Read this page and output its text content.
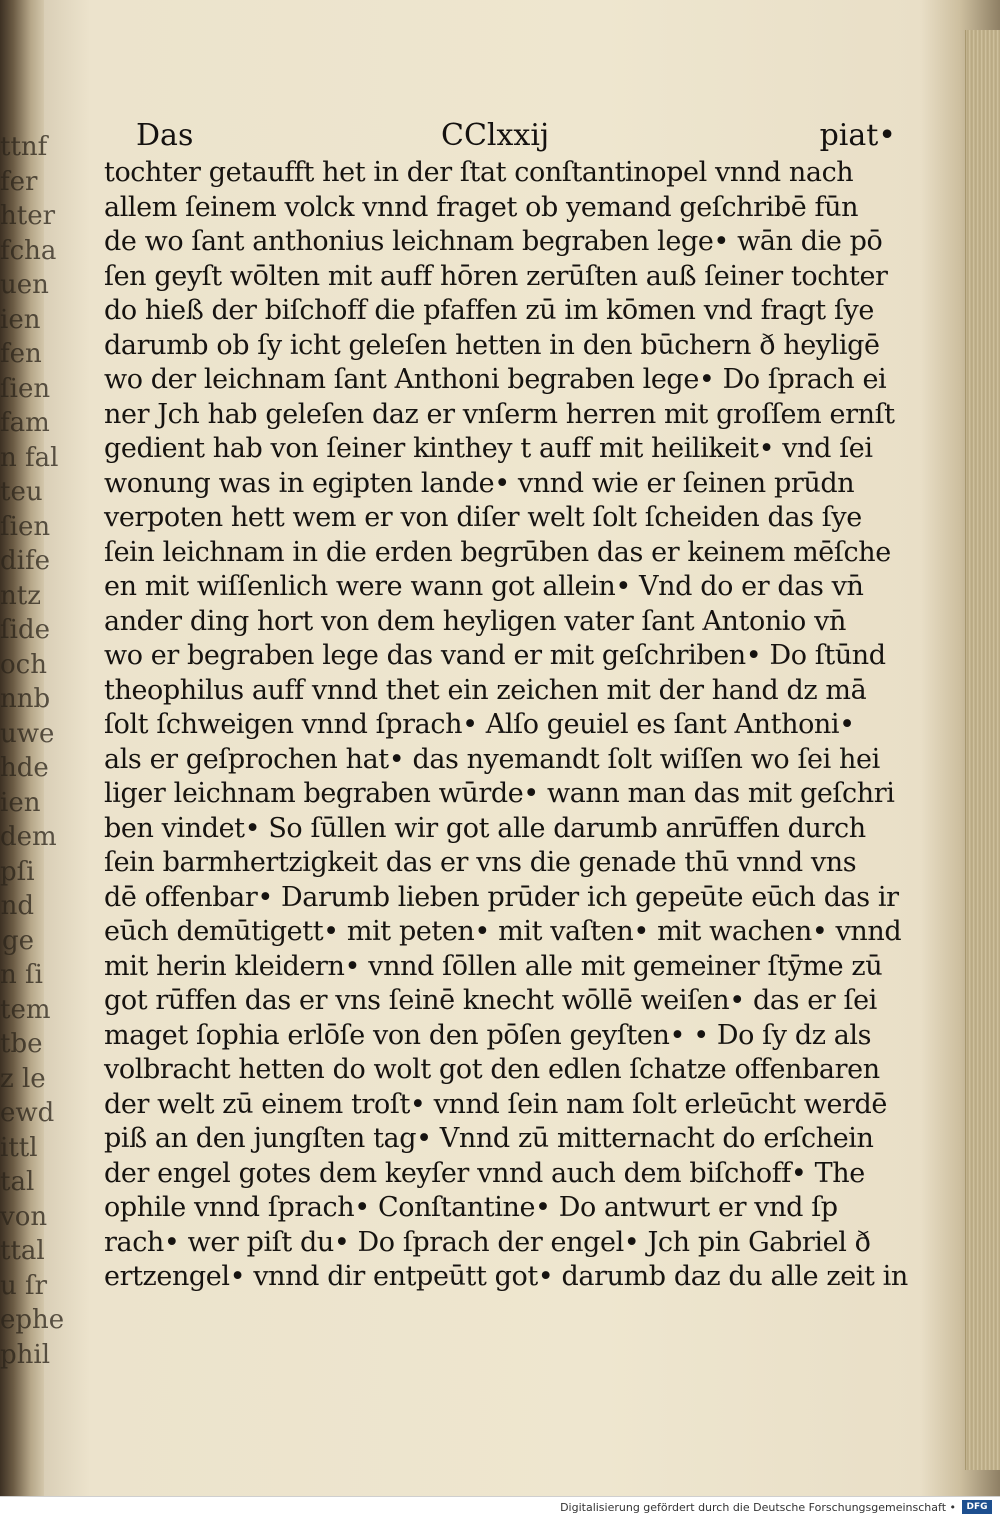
ttnf
fer
hter
fcha
uen
ien
fen
ſien
fam
n fal
teu
ſien
dife
ntz
ſide
och
nnb
uwe
hde
ien
dem
pſi
nd
ge
n ſi
tem
tbe
z le
ewd
ittl
tal
von
ttal
u ſr
ephe
phil
Das	CClxxij	piat•
tochter getaufft het in der ſtat conſtantinopel vnnd nach
allem ſeinem volck vnnd fraget ob yemand geſchribē fūn
de wo ſant anthonius leichnam begraben lege• wān die pō
ſen geyſt wōlten mit auff hōren zerūſten auß ſeiner tochter
do hieß der biſchoff die pfaffen zū im kōmen vnd fragt ſye
darumb ob ſy icht geleſen hetten in den būchern ð heyligē
wo der leichnam ſant Anthoni begraben lege• Do ſprach ei
ner Jch hab geleſen daz er vnſerm herren mit groſſem ernſt
gedient hab von ſeiner kinthey t auff mit heilikeit• vnd ſei
wonung was in egipten lande• vnnd wie er ſeinen prūdn
verpoten hett wem er von diſer welt ſolt ſcheiden das ſye
ſein leichnam in die erden begrūben das er keinem mēſche
en mit wiſſenlich were wann got allein• Vnd do er das vn̄
ander ding hort von dem heyligen vater ſant Antonio vn̄
wo er begraben lege das vand er mit geſchriben• Do ſtūnd
theophilus auff vnnd thet ein zeichen mit der hand dz mā
ſolt ſchweigen vnnd ſprach• Alſo geuiel es ſant Anthoni•
als er geſprochen hat• das nyemandt ſolt wiſſen wo ſei hei
liger leichnam begraben wūrde• wann man das mit geſchri
ben vindet• So ſūllen wir got alle darumb anrūffen durch
ſein barmhertzigkeit das er vns die genade thū vnnd vns
dē offenbar• Darumb lieben prūder ich gepeūte eūch das ir
eūch demūtigett• mit peten• mit vaſten• mit wachen• vnnd
mit herin kleidern• vnnd ſōllen alle mit gemeiner ſtȳme zū
got rūffen das er vns ſeinē knecht wōllē weiſen• das er ſei
maget ſophia erlōſe von den pōſen geyſten• • Do ſy dz als
volbracht hetten do wolt got den edlen ſchatze offenbaren
der welt zū einem troſt• vnnd ſein nam ſolt erleūcht werdē
piß an den jungſten tag• Vnnd zū mitternacht do erſchein
der engel gotes dem keyſer vnnd auch dem biſchoff• The
ophile vnnd ſprach• Conſtantine• Do antwurt er vnd ſp
rach• wer piſt du• Do ſprach der engel• Jch pin Gabriel ð
ertzengel• vnnd dir entpeūtt got• darumb daz du alle zeit in
Digitalisierung gefördert durch die Deutsche Forschungsgemeinschaft •	DFG
